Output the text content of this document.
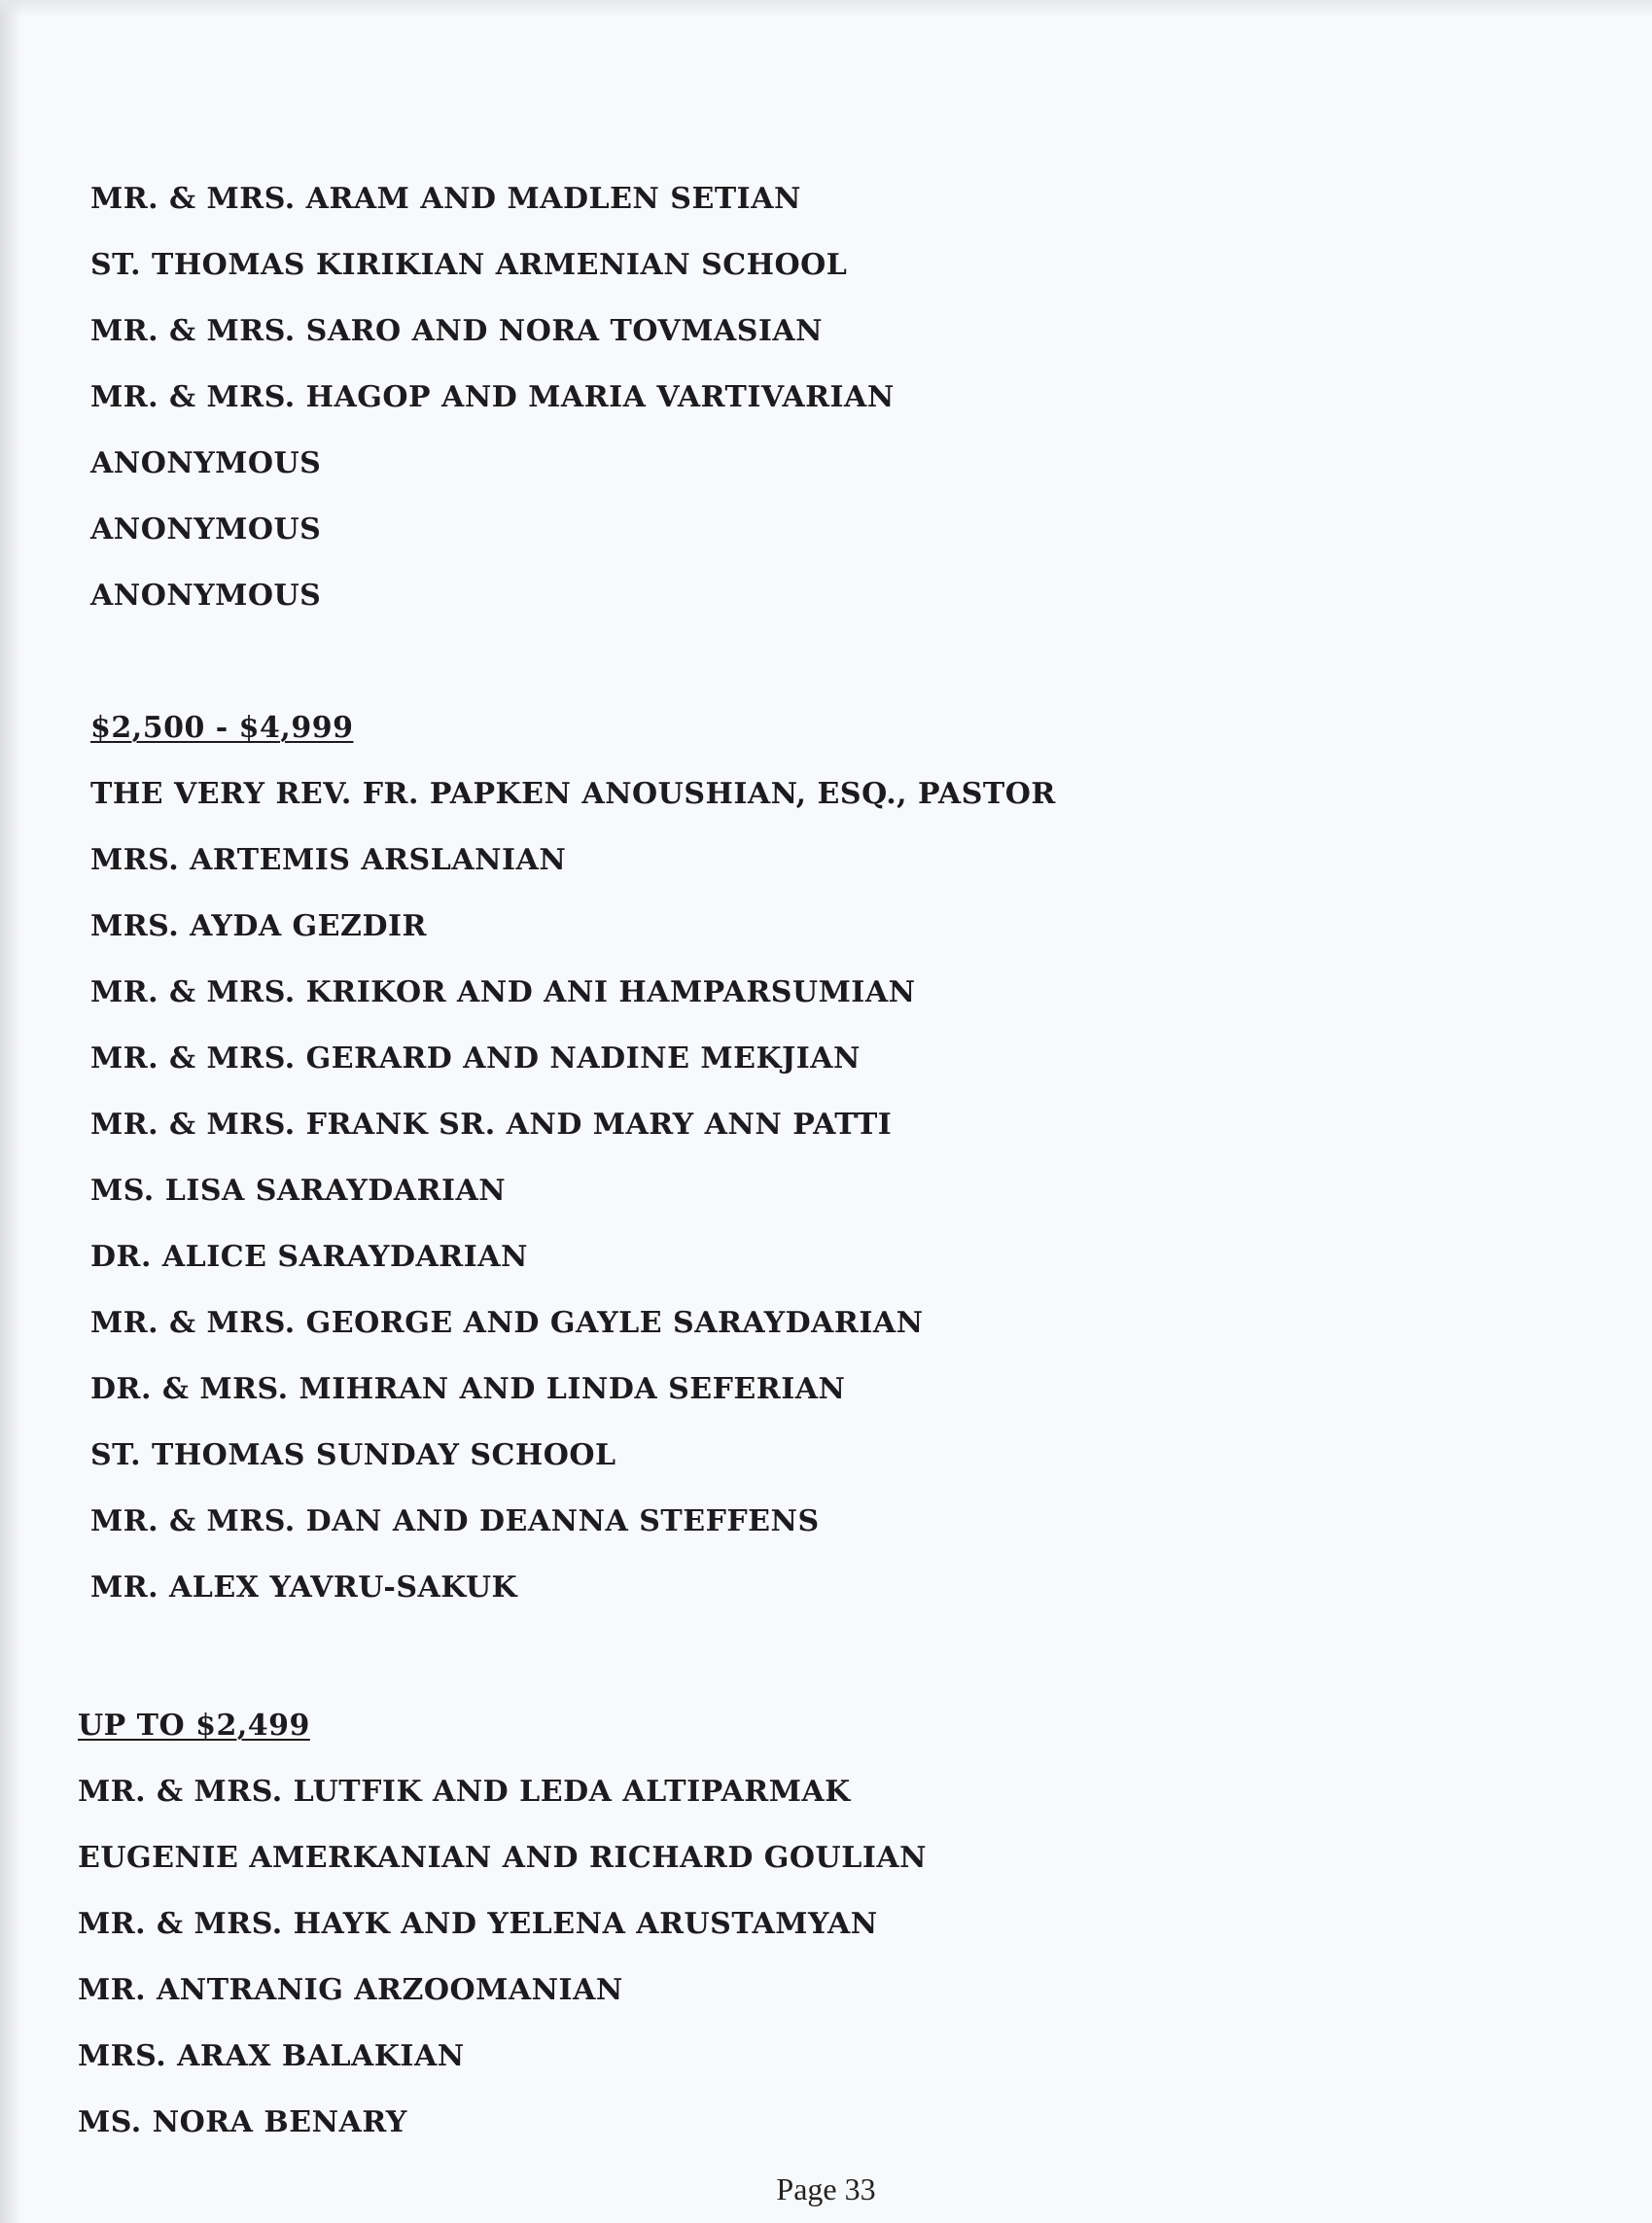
MR. & MRS. ARAM AND MADLEN SETIAN
ST. THOMAS KIRIKIAN ARMENIAN SCHOOL
MR. & MRS. SARO AND NORA TOVMASIAN
MR. & MRS. HAGOP AND MARIA VARTIVARIAN
ANONYMOUS
ANONYMOUS
ANONYMOUS
$2,500 - $4,999
THE VERY REV. FR. PAPKEN ANOUSHIAN, ESQ., PASTOR
MRS. ARTEMIS ARSLANIAN
MRS. AYDA GEZDIR
MR. & MRS. KRIKOR AND ANI HAMPARSUMIAN
MR. & MRS. GERARD AND NADINE MEKJIAN
MR. & MRS. FRANK SR. AND MARY ANN PATTI
MS. LISA SARAYDARIAN
DR. ALICE SARAYDARIAN
MR. & MRS. GEORGE AND GAYLE SARAYDARIAN
DR. & MRS. MIHRAN AND LINDA SEFERIAN
ST. THOMAS SUNDAY SCHOOL
MR. & MRS. DAN AND DEANNA STEFFENS
MR. ALEX YAVRU-SAKUK
UP TO $2,499
MR. & MRS. LUTFIK AND LEDA ALTIPARMAK
EUGENIE AMERKANIAN AND RICHARD GOULIAN
MR. & MRS. HAYK AND YELENA ARUSTAMYAN
MR. ANTRANIG ARZOOMANIAN
MRS. ARAX BALAKIAN
MS. NORA BENARY
Page 33
